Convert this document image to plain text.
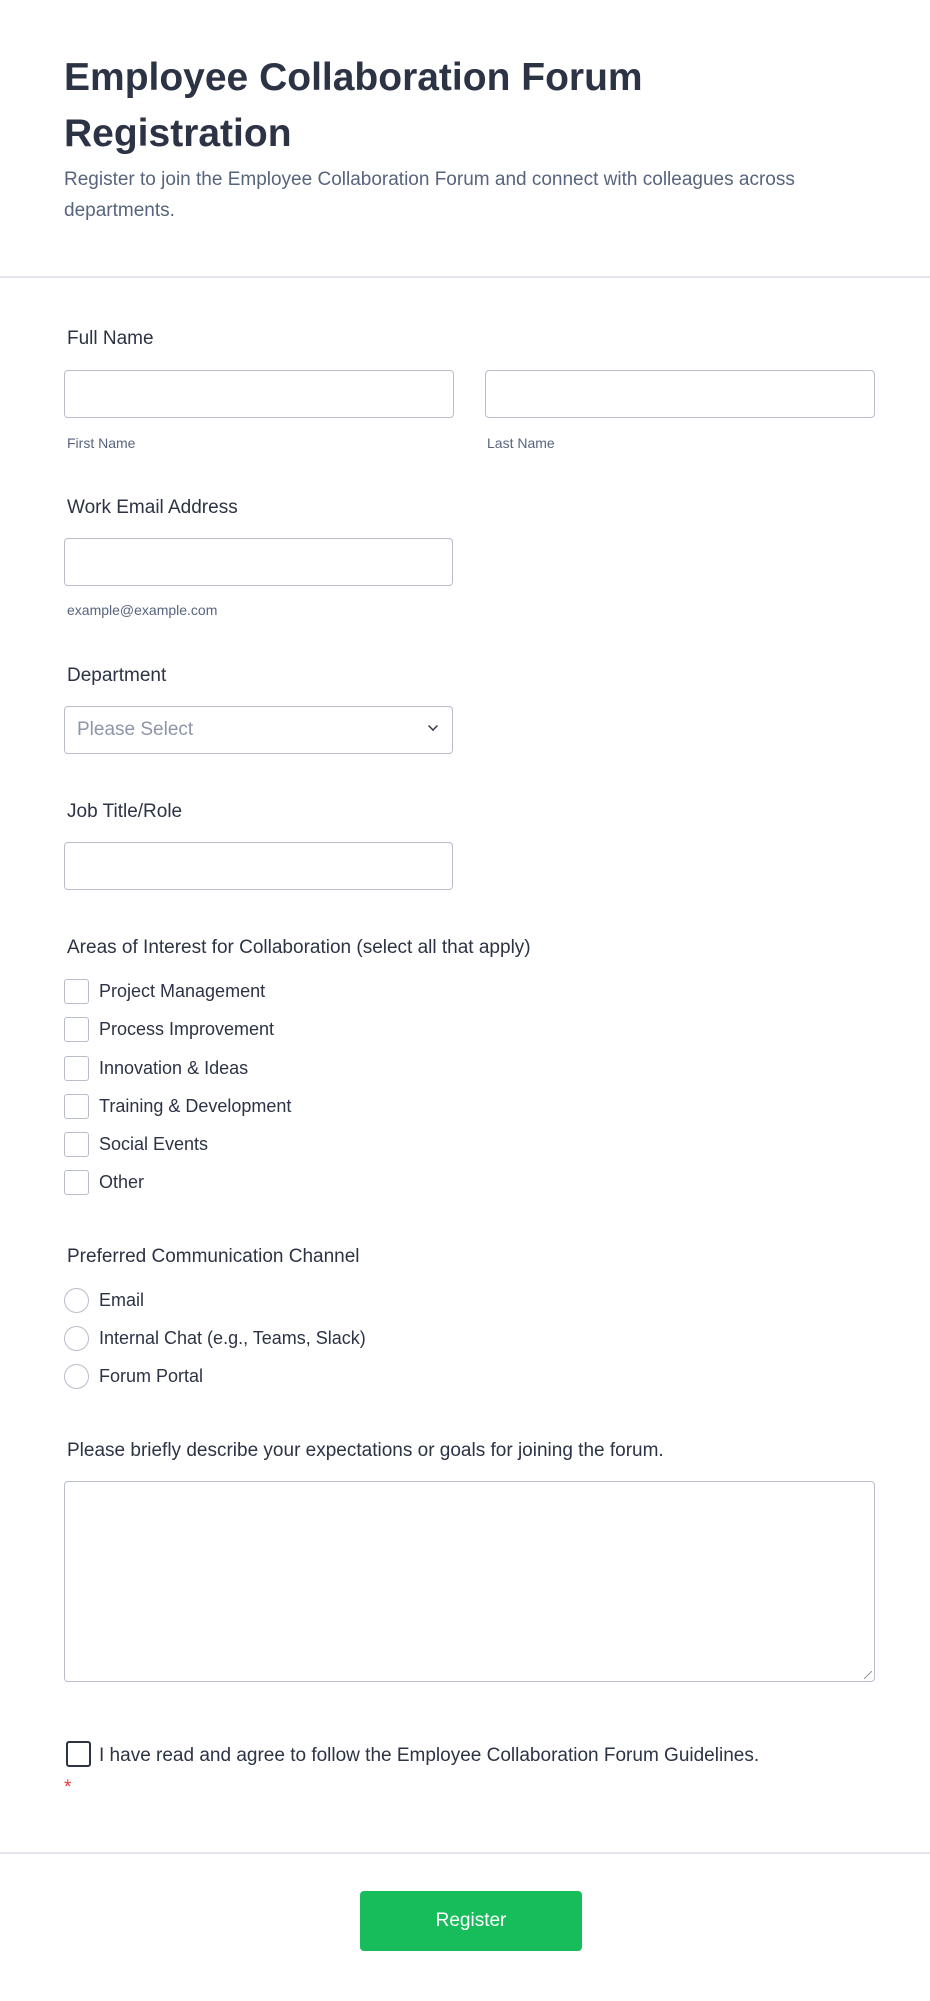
Employee Collaboration Forum Registration
Register to join the Employee Collaboration Forum and connect with colleagues across departments.
Full Name
First Name	Last Name
Work Email Address
example@example.com
Department
Please Select
Job Title/Role
Areas of Interest for Collaboration (select all that apply)
Project Management
Process Improvement
Innovation & Ideas
Training & Development
Social Events
Other
Preferred Communication Channel
Email
Internal Chat (e.g., Teams, Slack)
Forum Portal
Please briefly describe your expectations or goals for joining the forum.
I have read and agree to follow the Employee Collaboration Forum Guidelines. *
Register
